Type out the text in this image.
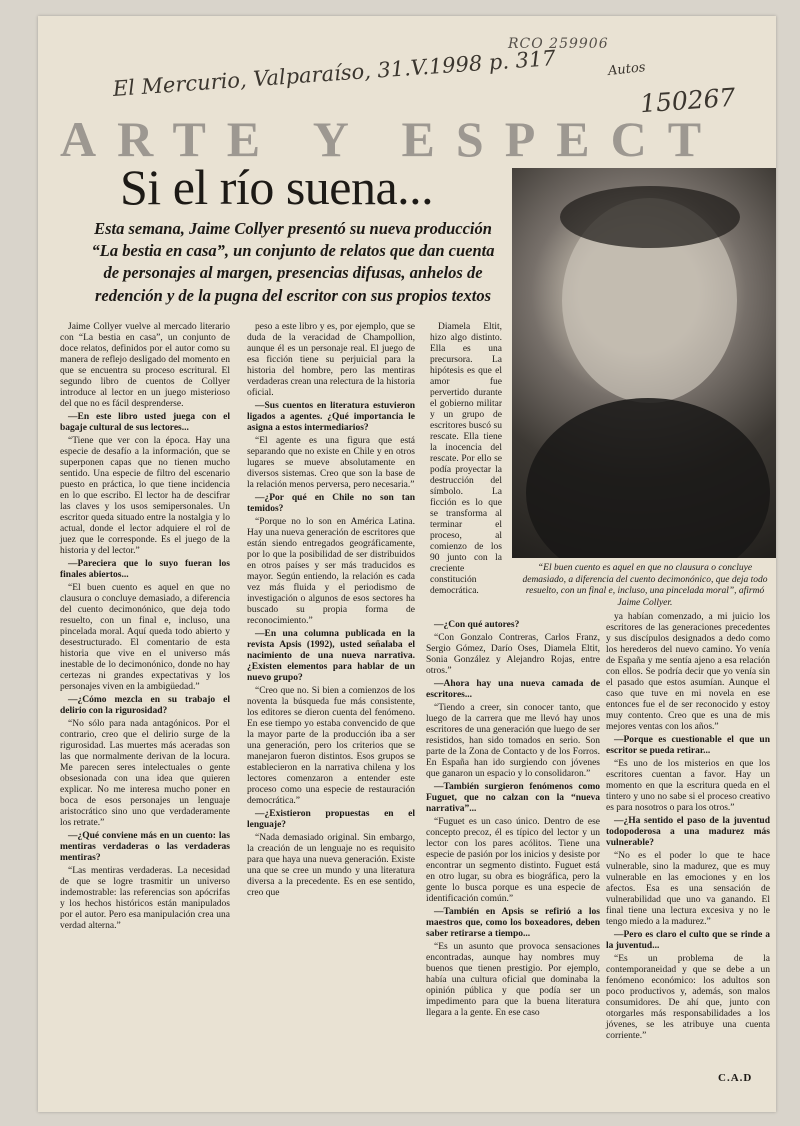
RCO 259906
El Mercurio, Valparaíso, 31.V.1998 p. 317	Autos
150267
ARTE Y ESPECT
Si el río suena...
Esta semana, Jaime Collyer presentó su nueva producción “La bestia en casa”, un conjunto de relatos que dan cuenta de personajes al margen, presencias difusas, anhelos de redención y de la pugna del escritor con sus propios textos
“El buen cuento es aquel en que no clausura o concluye demasiado, a diferencia del cuento decimonónico, que deja todo resuelto, con un final e, incluso, una pincelada moral”, afirmó Jaime Collyer.

Jaime Collyer vuelve al mercado literario con “La bestia en casa”, un conjunto de doce relatos, definidos por el autor como su manera de reflejo desligado del momento en que se encuentra su proceso escritural. El segundo libro de cuentos de Collyer introduce al lector en un juego misterioso del que no es fácil desprenderse.

—En este libro usted juega con el bagaje cultural de sus lectores...

“Tiene que ver con la época. Hay una especie de desafío a la información, que se superponen capas que no tienen mucho sentido. Una especie de filtro del escenario puesto en práctica, lo que tiene incidencia en lo que escribo. El lector ha de descifrar las claves y los usos semipersonales. Un escritor queda situado entre la nostalgia y lo actual, donde el lector adquiere el rol de juez que le corresponde. Es el juego de la historia y del lector.”

—Pareciera que lo suyo fueran los finales abiertos...

“El buen cuento es aquel en que no clausura o concluye demasiado, a diferencia del cuento decimonónico, que deja todo resuelto, con un final e, incluso, una pincelada moral. Aquí queda todo abierto y desestructurado. El comentario de esta historia que vive en el universo más inestable de lo decimonónico, donde no hay certezas ni grandes expectativas y los personajes viven en la ambigüedad.”

—¿Cómo mezcla en su trabajo el delirio con la rigurosidad?

“No sólo para nada antagónicos. Por el contrario, creo que el delirio surge de la rigurosidad. Las muertes más aceradas son las que normalmente derivan de la locura. Me parecen seres intelectuales o gente obsesionada con una idea que quieren explicar. No me interesa mucho poner en boca de esos personajes un lenguaje aristocrático sino uno que verdaderamente los retrate.”

—¿Qué conviene más en un cuento: las mentiras verdaderas o las verdaderas mentiras?

“Las mentiras verdaderas. La necesidad de que se logre trasmitir un universo indemostrable: las referencias son apócrifas y los hechos históricos están manipulados por el autor. Pero esa manipulación crea una verdad alterna.”

peso a este libro y es, por ejemplo, que se duda de la veracidad de Champollion, aunque él es un personaje real. El juego de esa ficción tiene su perjuicial para la historia del hombre, pero las mentiras verdaderas crean una relectura de la historia oficial.

—Sus cuentos en literatura estuvieron ligados a agentes. ¿Qué importancia le asigna a estos intermediarios?

“El agente es una figura que está separando que no existe en Chile y en otros lugares se mueve absolutamente en diversos sistemas. Creo que son la base de la relación menos perversa, pero necesaria.”

—¿Por qué en Chile no son tan temidos?

“Porque no lo son en América Latina. Hay una nueva generación de escritores que están siendo entregados geográficamente, por lo que la posibilidad de ser distribuidos en otros países y ser más traducidos es mayor. Según entiendo, la relación es cada vez más fluida y el periodismo de investigación o algunos de esos sectores ha buscado su propia forma de reconocimiento.”

—En una columna publicada en la revista Apsis (1992), usted señalaba el nacimiento de una nueva narrativa. ¿Existen elementos para hablar de un nuevo grupo?

“Creo que no. Si bien a comienzos de los noventa la búsqueda fue más consistente, los editores se dieron cuenta del fenómeno. En ese tiempo yo estaba convencido de que la mayor parte de la producción iba a ser una generación, pero los criterios que se manejaron fueron distintos. Esos grupos se establecieron en la narrativa chilena y los lectores comenzaron a entender este proceso como una especie de restauración democrática.”

—¿Existieron propuestas en el lenguaje?

“Nada demasiado original. Sin embargo, la creación de un lenguaje no es requisito para que haya una nueva generación. Existe una que se cree un mundo y una literatura diversa a la precedente. Es en ese sentido, creo que

Diamela Eltit, hizo algo distinto. Ella es una precursora. La hipótesis es que el amor fue pervertido durante el gobierno militar y un grupo de escritores buscó su rescate. Ella tiene la inocencia del rescate. Por ello se podía proyectar la destrucción del símbolo. La ficción es lo que se transforma al terminar el proceso, al comienzo de los 90 junto con la creciente constitución democrática.

—¿Con qué autores?

“Con Gonzalo Contreras, Carlos Franz, Sergio Gómez, Darío Oses, Diamela Eltit, Sonia González y Alejandro Rojas, entre otros.”

—Ahora hay una nueva camada de escritores...

“Tiendo a creer, sin conocer tanto, que luego de la carrera que me llevó hay unos escritores de una generación que luego de ser resistidos, han sido tomados en serio. Son parte de la Zona de Contacto y de los Forros. En España han ido surgiendo con jóvenes que ganaron un espacio y lo consolidaron.”

—También surgieron fenómenos como Fuguet, que no calzan con la “nueva narrativa”...

“Fuguet es un caso único. Dentro de ese concepto precoz, él es típico del lector y un lector con los pares acólitos. Tiene una especie de pasión por los inicios y desiste por encontrar un segmento distinto. Fuguet está en otro lugar, su obra es biográfica, pero la gente lo busca porque es una especie de identificación común.”

—También en Apsis se refirió a los maestros que, como los boxeadores, deben saber retirarse a tiempo...

“Es un asunto que provoca sensaciones encontradas, aunque hay nombres muy buenos que tienen prestigio. Por ejemplo, había una cultura oficial que dominaba la opinión pública y que podía ser un impedimento para que la buena literatura llegara a la gente. En ese caso

ya habían comenzado, a mi juicio los escritores de las generaciones precedentes y sus discípulos designados a dedo como los herederos del nuevo camino. Yo venía de España y me sentía ajeno a esa relación con ellos. Se podría decir que yo venía sin el pasado que estos asumían. Aunque el caso que tuve en mi novela en ese entonces fue el de ser reconocido y estoy muy contento. Creo que es una de mis mejores ventas con los años.”

—Porque es cuestionable el que un escritor se pueda retirar...

“Es uno de los misterios en que los escritores cuentan a favor. Hay un momento en que la escritura queda en el tintero y uno no sabe si el proceso creativo es para nosotros o para los otros.”

—¿Ha sentido el paso de la juventud todopoderosa a una madurez más vulnerable?

“No es el poder lo que te hace vulnerable, sino la madurez, que es muy vulnerable en las emociones y en los afectos. Esa es una sensación de vulnerabilidad que uno va ganando. El final tiene una lectura excesiva y no le tengo miedo a la madurez.”

—Pero es claro el culto que se rinde a la juventud...

“Es un problema de la contemporaneidad y que se debe a un fenómeno económico: los adultos son poco productivos y, además, son malos consumidores. De ahí que, junto con otorgarles más responsabilidades a los jóvenes, se les atribuye una cuenta corriente.”

C.A.D
